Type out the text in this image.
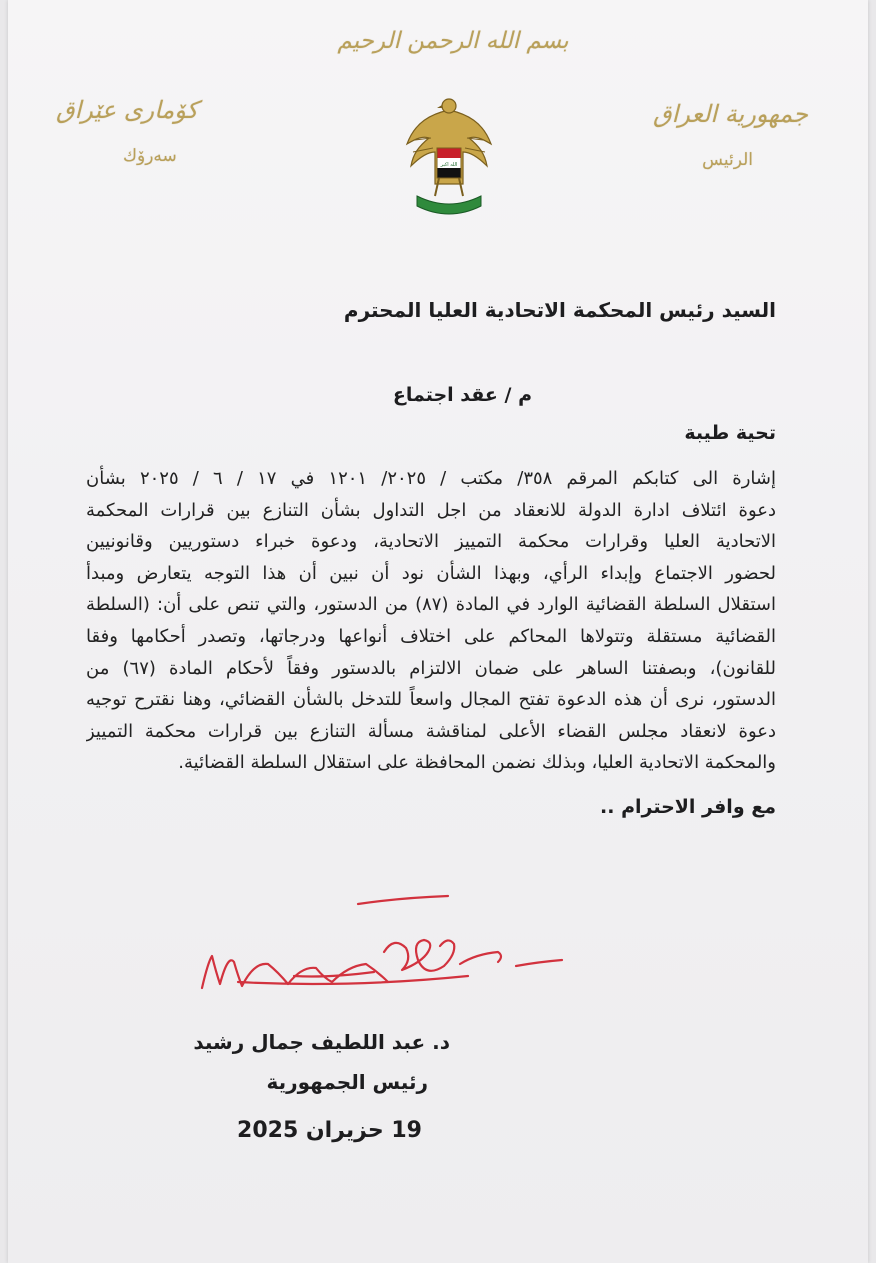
بسم الله الرحمن الرحيم
جمهورية العراق
الرئيس
کۆماری عێراق
سەرۆك	الله اكبر
السيد رئيس المحكمة الاتحادية العليا المحترم
م / عقد اجتماع
تحية طيبة
إشارة الى كتابكم المرقم ٣٥٨/ مكتب / ٢٠٢٥/ ١٢٠١ في ١٧ / ٦ / ٢٠٢٥ بشأن
دعوة ائتلاف ادارة الدولة للانعقاد من اجل التداول بشأن التنازع بين قرارات المحكمة
الاتحادية العليا وقرارات محكمة التمييز الاتحادية، ودعوة خبراء دستوريين وقانونيين
لحضور الاجتماع وإبداء الرأي، وبهذا الشأن نود أن نبين أن هذا التوجه يتعارض ومبدأ
استقلال السلطة القضائية الوارد في المادة (٨٧) من الدستور، والتي تنص على أن: (السلطة
القضائية مستقلة وتتولاها المحاكم على اختلاف أنواعها ودرجاتها، وتصدر أحكامها وفقا
للقانون)، وبصفتنا الساهر على ضمان الالتزام بالدستور وفقاً لأحكام المادة (٦٧) من
الدستور، نرى أن هذه الدعوة تفتح المجال واسعاً للتدخل بالشأن القضائي، وهنا نقترح توجيه
دعوة لانعقاد مجلس القضاء الأعلى لمناقشة مسألة التنازع بين قرارات محكمة التمييز
والمحكمة الاتحادية العليا، وبذلك نضمن المحافظة على استقلال السلطة القضائية.
مع وافر الاحترام ..
د. عبد اللطيف جمال رشيد
رئيس الجمهورية
19 حزيران 2025
